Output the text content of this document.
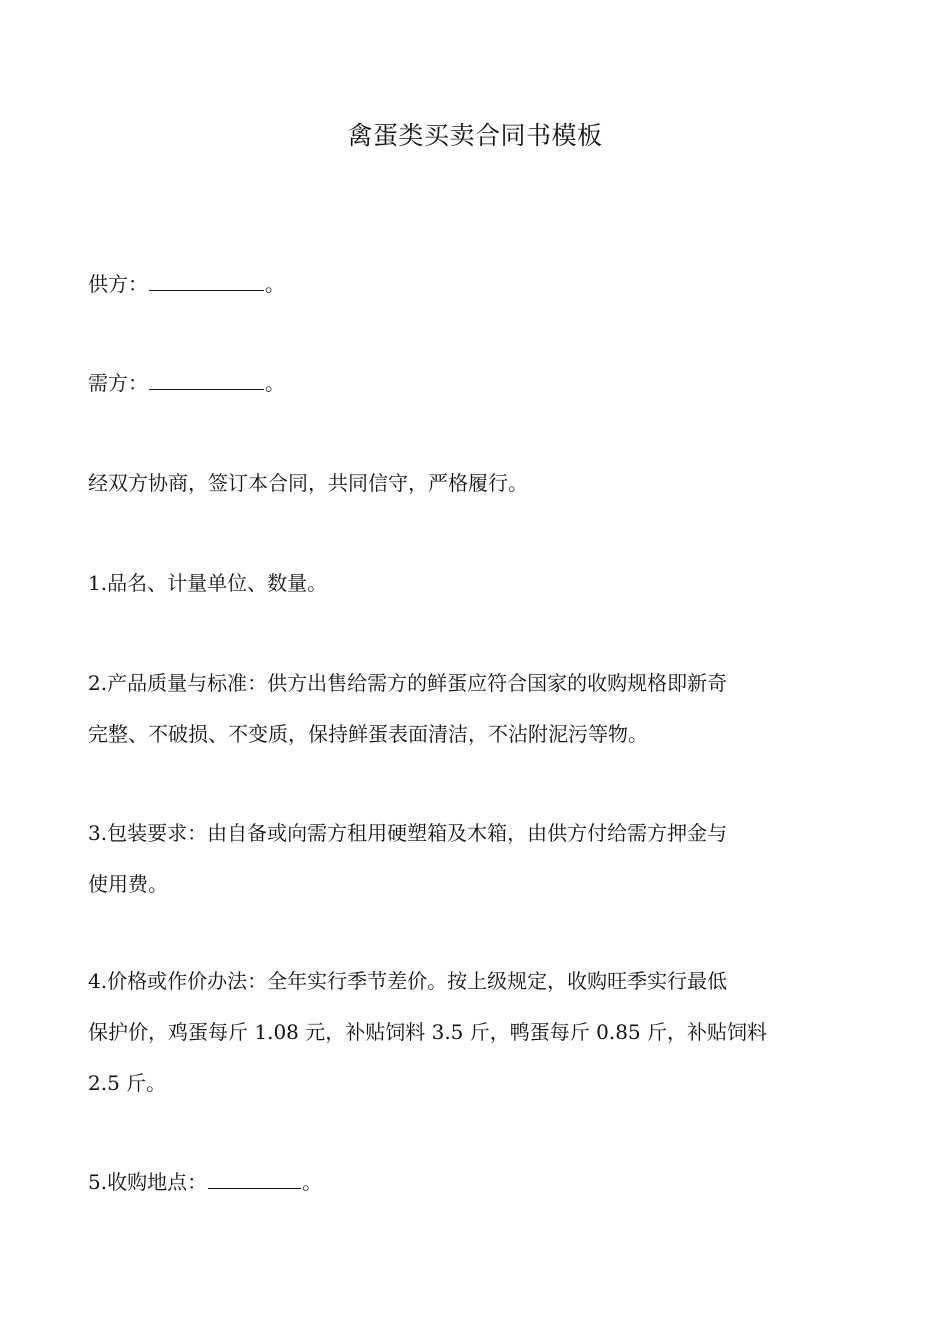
禽蛋类买卖合同书模板

供方：	。

需方：	。

经双方协商，签订本合同，共同信守，严格履行。

1.品名、计量单位、数量。

2.产品质量与标准：供方出售给需方的鲜蛋应符合国家的收购规格即新奇
完整、不破损、不变质，保持鲜蛋表面清洁，不沾附泥污等物。

3.包装要求：由自备或向需方租用硬塑箱及木箱，由供方付给需方押金与
使用费。

4.价格或作价办法：全年实行季节差价。按上级规定，收购旺季实行最低
保护价，鸡蛋每斤 1.08 元，补贴饲料 3.5 斤，鸭蛋每斤 0.85 斤，补贴饲料
2.5 斤。

5.收购地点：	。
